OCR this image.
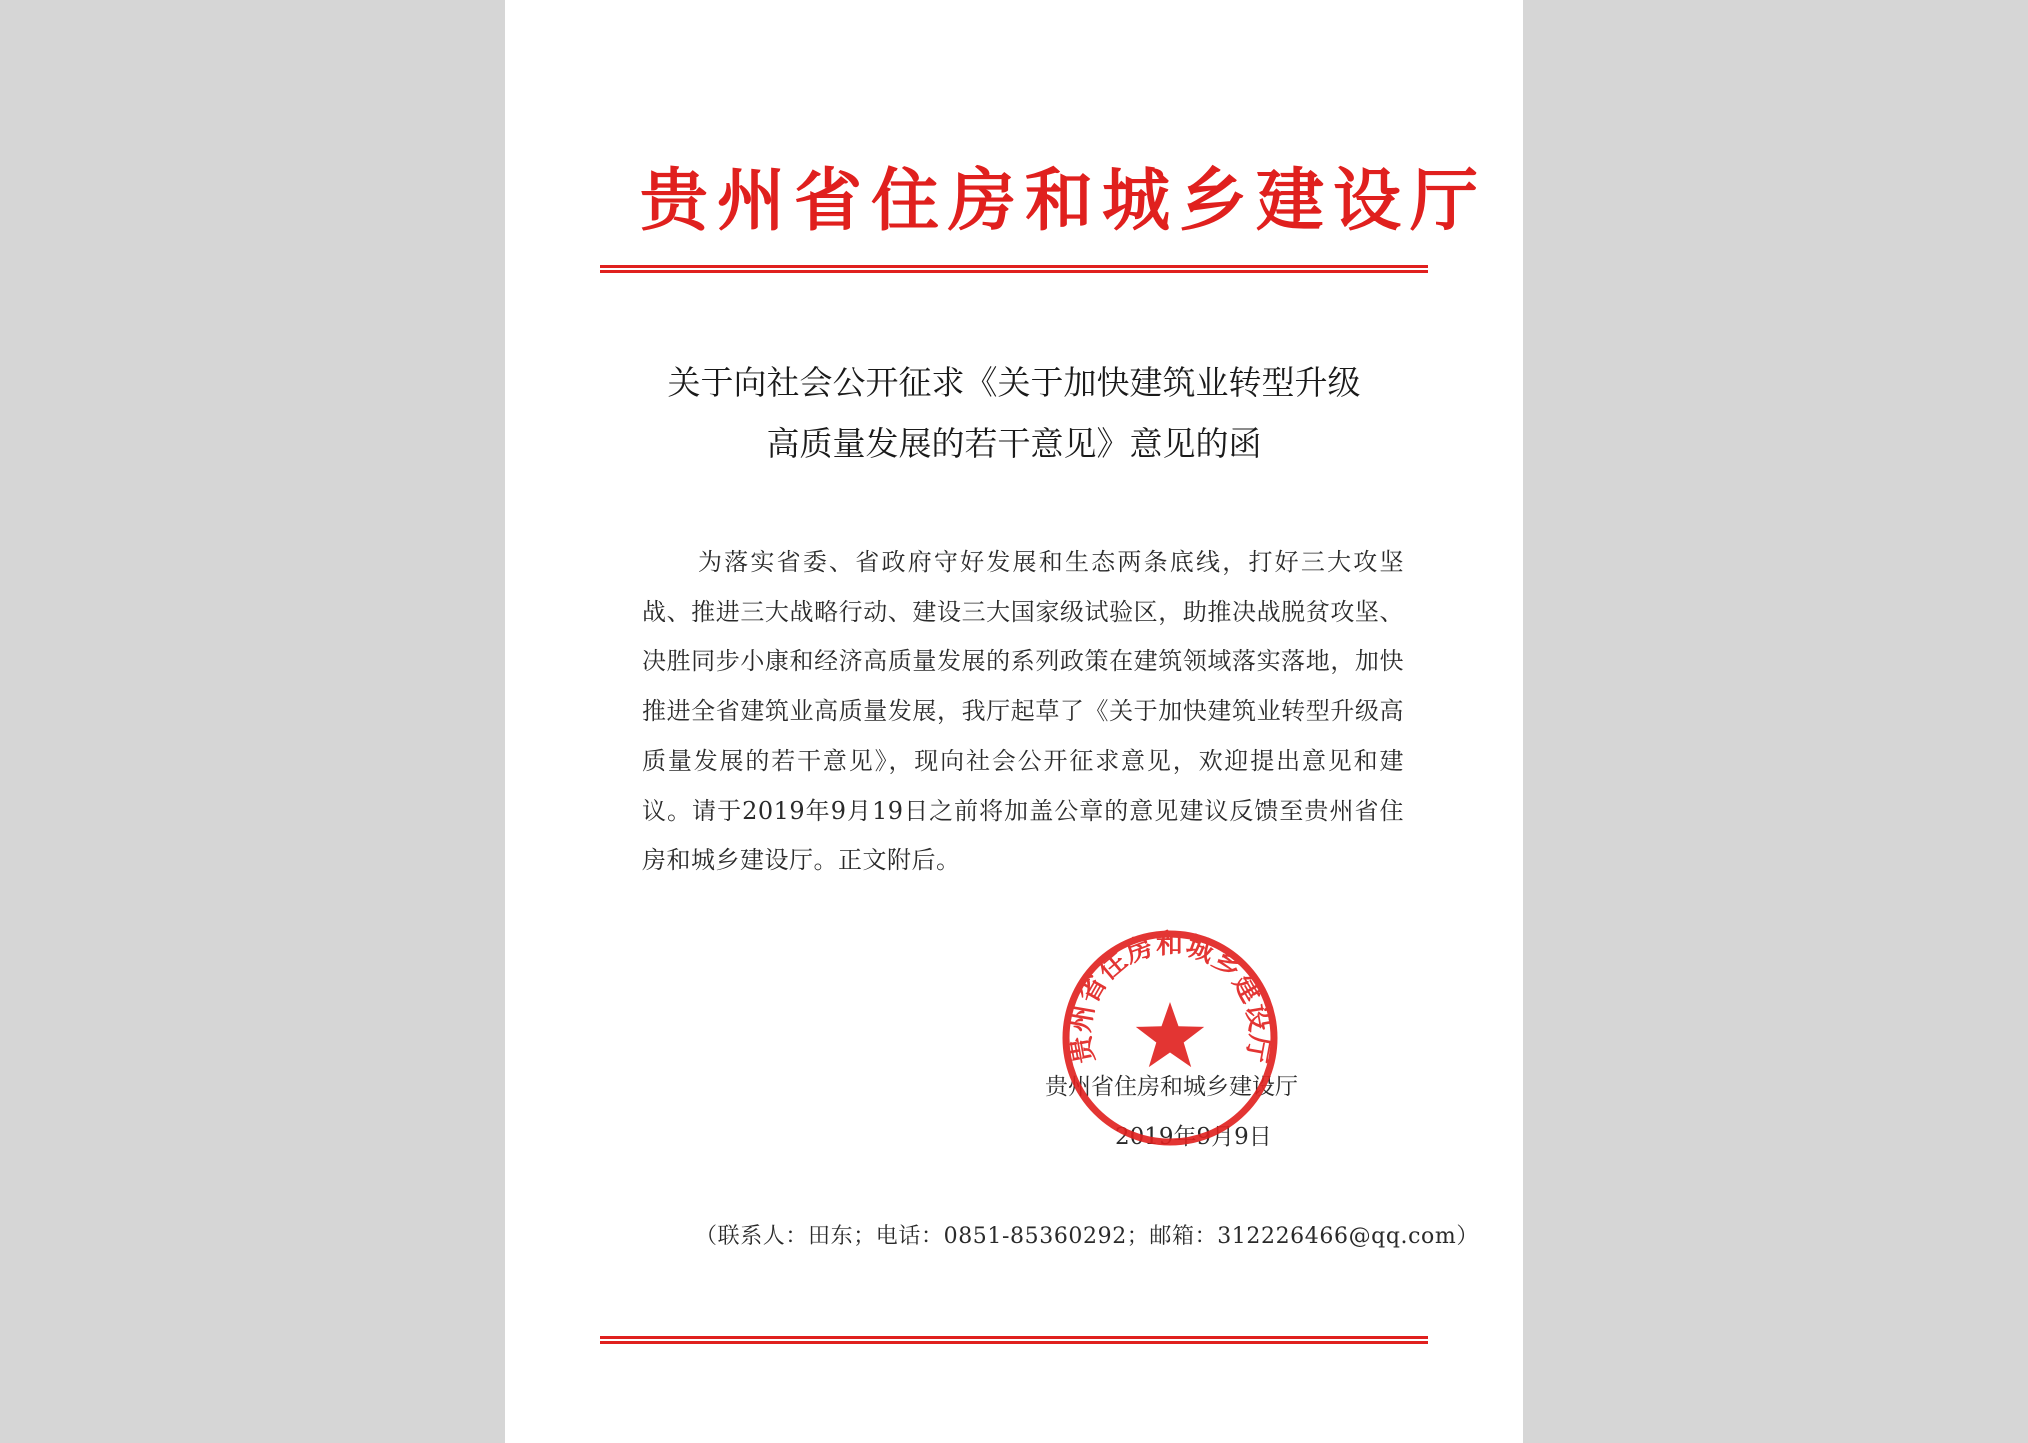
贵州省住房和城乡建设厅
关于向社会公开征求《关于加快建筑业转型升级
高质量发展的若干意见》意见的函
为落实省委、省政府守好发展和生态两条底线，打好三大攻坚战、推进三大战略行动、建设三大国家级试验区，助推决战脱贫攻坚、决胜同步小康和经济高质量发展的系列政策在建筑领域落实落地，加快推进全省建筑业高质量发展，我厅起草了《关于加快建筑业转型升级高质量发展的若干意见》，现向社会公开征求意见，欢迎提出意见和建议。请于2019年9月19日之前将加盖公章的意见建议反馈至贵州省住房和城乡建设厅。正文附后。
贵州省住房和城乡建设厅
2019年9月9日
贵州省住房和城乡建设厅
（联系人：田东；电话：0851-85360292；邮箱：312226466@qq.com）
